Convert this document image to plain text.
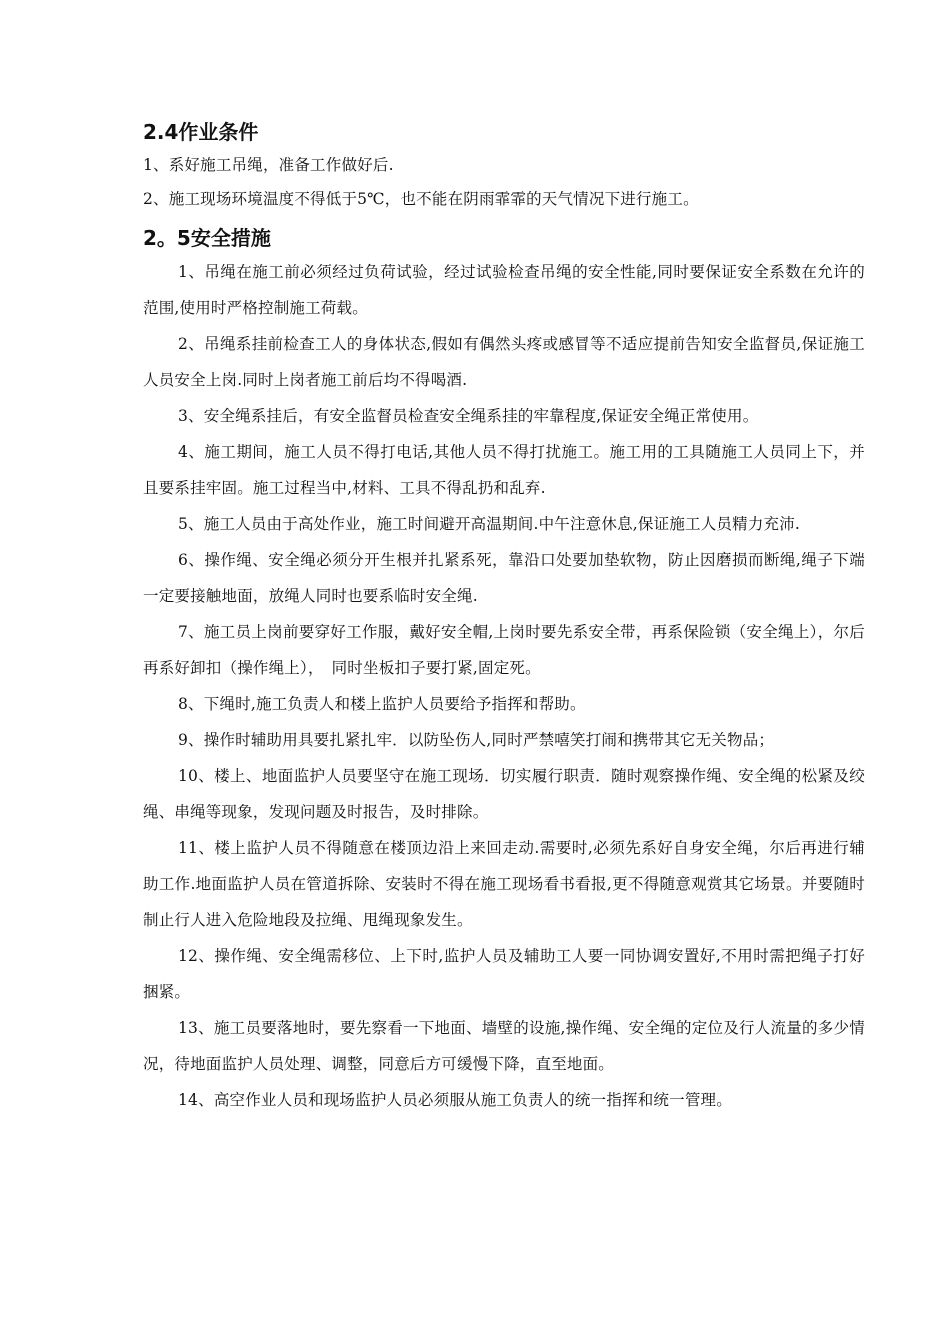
2.4作业条件

1、系好施工吊绳，准备工作做好后.

2、施工现场环境温度不得低于5℃，也不能在阴雨霏霏的天气情况下进行施工。

2。5安全措施

1、吊绳在施工前必须经过负荷试验，经过试验检查吊绳的安全性能,同时要保证安全系数在允许的范围,使用时严格控制施工荷载。

2、吊绳系挂前检查工人的身体状态,假如有偶然头疼或感冒等不适应提前告知安全监督员,保证施工人员安全上岗.同时上岗者施工前后均不得喝酒.

3、安全绳系挂后，有安全监督员检查安全绳系挂的牢靠程度,保证安全绳正常使用。

4、施工期间，施工人员不得打电话,其他人员不得打扰施工。施工用的工具随施工人员同上下，并且要系挂牢固。施工过程当中,材料、工具不得乱扔和乱弃.

5、施工人员由于高处作业，施工时间避开高温期间.中午注意休息,保证施工人员精力充沛.

6、操作绳、安全绳必须分开生根并扎紧系死，靠沿口处要加垫软物，防止因磨损而断绳,绳子下端一定要接触地面，放绳人同时也要系临时安全绳.

7、施工员上岗前要穿好工作服，戴好安全帽,上岗时要先系安全带，再系保险锁（安全绳上），尔后再系好卸扣（操作绳上），　同时坐板扣子要打紧,固定死。

8、下绳时,施工负责人和楼上监护人员要给予指挥和帮助。

9、操作时辅助用具要扎紧扎牢．以防坠伤人,同时严禁嘻笑打闹和携带其它无关物品；

10、楼上、地面监护人员要坚守在施工现场．切实履行职责．随时观察操作绳、安全绳的松紧及绞绳、串绳等现象，发现问题及时报告，及时排除。

11、楼上监护人员不得随意在楼顶边沿上来回走动.需要时,必须先系好自身安全绳，尔后再进行辅助工作.地面监护人员在管道拆除、安装时不得在施工现场看书看报,更不得随意观赏其它场景。并要随时制止行人进入危险地段及拉绳、甩绳现象发生。

12、操作绳、安全绳需移位、上下时,监护人员及辅助工人要一同协调安置好,不用时需把绳子打好捆紧。

13、施工员要落地时，要先察看一下地面、墙壁的设施,操作绳、安全绳的定位及行人流量的多少情况，待地面监护人员处理、调整，同意后方可缓慢下降，直至地面。

14、高空作业人员和现场监护人员必须服从施工负责人的统一指挥和统一管理。
